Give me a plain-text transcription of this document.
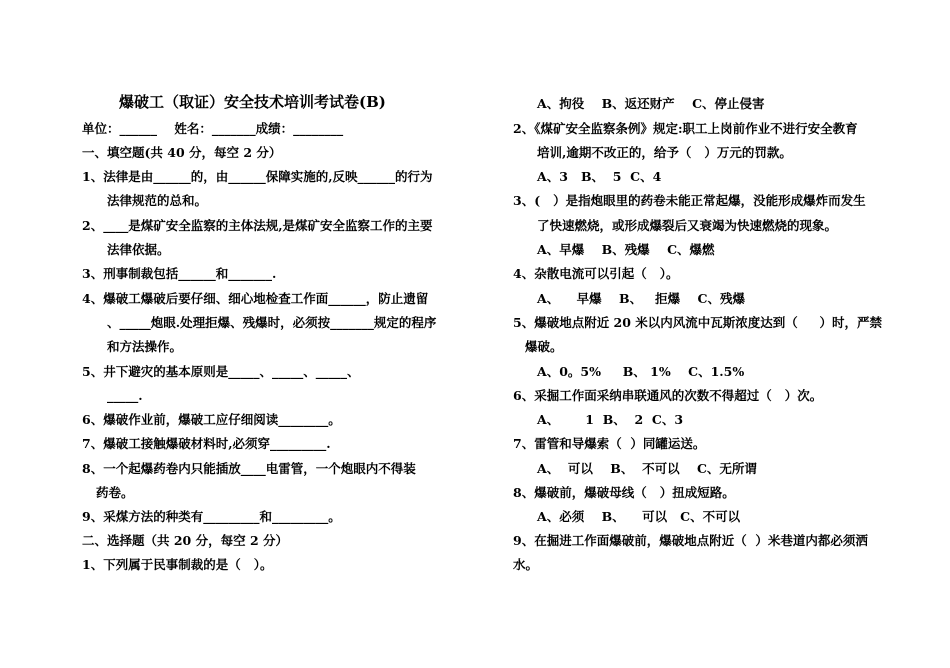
爆破工（取证）安全技术培训考试卷(B)
单位：______    姓名：_______成绩：________
一、填空题(共 40 分，每空 2 分）
1、法律是由______的，由______保障实施的,反映______的行为
法律规范的总和。
2、____是煤矿安全监察的主体法规,是煤矿安全监察工作的主要
法律依据。
3、刑事制裁包括______和_______.
4、爆破工爆破后要仔细、细心地检查工作面______，防止遗留
、_____炮眼.处理拒爆、残爆时，必须按_______规定的程序
和方法操作。
5、井下避灾的基本原则是_____、_____、_____、
_____.
6、爆破作业前，爆破工应仔细阅读________。
7、爆破工接触爆破材料时,必须穿_________.
8、一个起爆药卷内只能插放____电雷管，一个炮眼内不得装
药卷。
9、采煤方法的种类有_________和_________。
二、选择题（共 20 分，每空 2 分）
1、下列属于民事制裁的是（   ）。
A、拘役    B、返还财产    C、停止侵害
2、《煤矿安全监察条例》规定:职工上岗前作业不进行安全教育
培训,逾期不改正的，给予（   ）万元的罚款。
A、3   B、  5  C、4
3、(   ）是指炮眼里的药卷未能正常起爆，没能形成爆炸而发生
了快速燃烧，或形成爆裂后又衰竭为快速燃烧的现象。
A、早爆    B、残爆    C、爆燃
4、杂散电流可以引起（   ）。
A、    早爆    B、   拒爆    C、残爆
5、爆破地点附近 20 米以内风流中瓦斯浓度达到（     ）时，严禁
爆破。
A、0。5%     B、 1%    C、1.5%
6、采掘工作面采纳串联通风的次数不得超过（   ）次。
A、      1  B、  2  C、3
7、雷管和导爆索（  ）同罐运送。
A、  可以    B、  不可以    C、无所谓
8、爆破前，爆破母线（   ）扭成短路。
A、必须    B、    可以   C、不可以
9、在掘进工作面爆破前，爆破地点附近（  ）米巷道内都必须洒
水。
